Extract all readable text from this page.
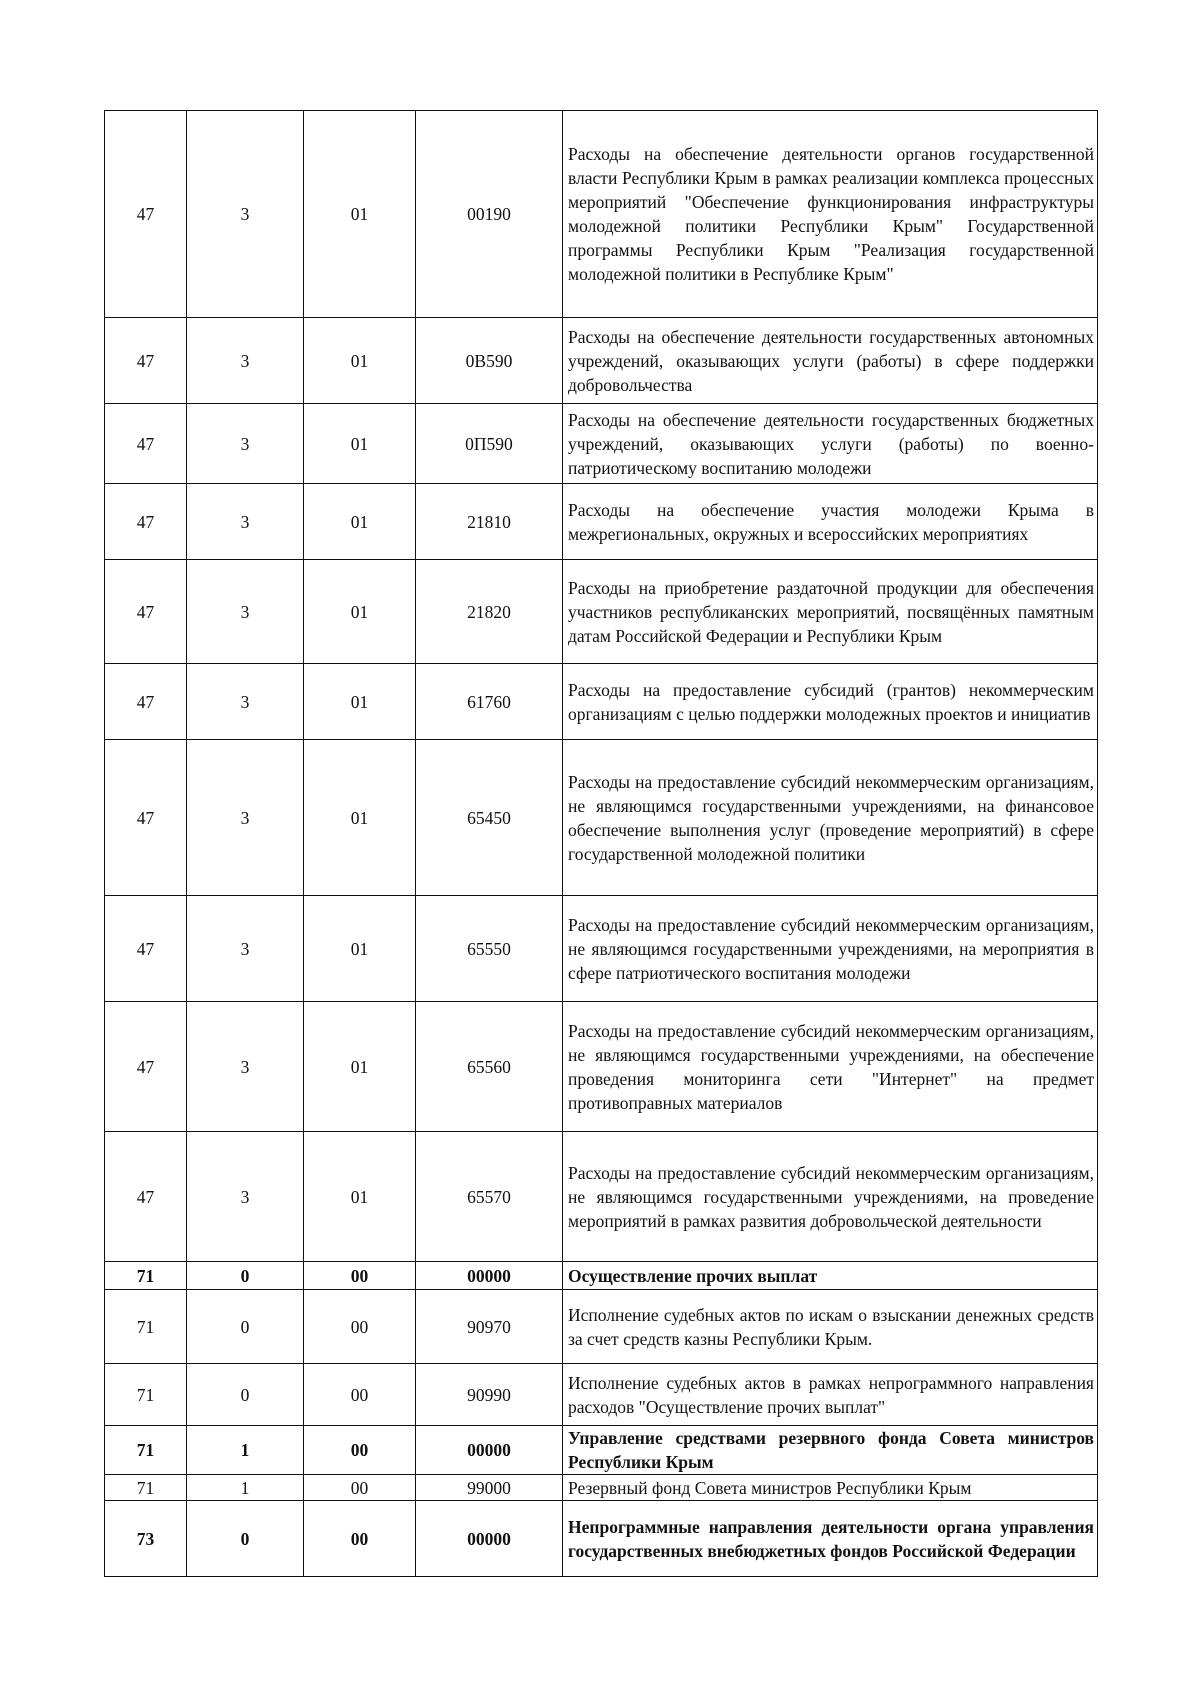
47	3	01	00190	Расходы на обеспечение деятельности органов государственной власти Республики Крым в рамках реализации комплекса процессных мероприятий "Обеспечение функционирования инфраструктуры молодежной политики Республики Крым" Государственной программы Республики Крым "Реализация государственной молодежной политики в Республике Крым"
47	3	01	0В590	Расходы на обеспечение деятельности государственных автономных учреждений, оказывающих услуги (работы) в сфере поддержки добровольчества
47	3	01	0П590	Расходы на обеспечение деятельности государственных бюджетных учреждений, оказывающих услуги (работы) по военно-патриотическому воспитанию молодежи
47	3	01	21810	Расходы на обеспечение участия молодежи Крыма в межрегиональных, окружных и всероссийских мероприятиях
47	3	01	21820	Расходы на приобретение раздаточной продукции для обеспечения участников республиканских мероприятий, посвящённых памятным датам Российской Федерации и Республики Крым
47	3	01	61760	Расходы на предоставление субсидий (грантов) некоммерческим организациям с целью поддержки молодежных проектов и инициатив
47	3	01	65450	Расходы на предоставление субсидий некоммерческим организациям, не являющимся государственными учреждениями, на финансовое обеспечение выполнения услуг (проведение мероприятий) в сфере государственной молодежной политики
47	3	01	65550	Расходы на предоставление субсидий некоммерческим организациям, не являющимся государственными учреждениями, на мероприятия в сфере патриотического воспитания молодежи
47	3	01	65560	Расходы на предоставление субсидий некоммерческим организациям, не являющимся государственными учреждениями, на обеспечение проведения мониторинга сети "Интернет" на предмет противоправных материалов
47	3	01	65570	Расходы на предоставление субсидий некоммерческим организациям, не являющимся государственными учреждениями, на проведение мероприятий в рамках развития добровольческой деятельности
71	0	00	00000	Осуществление прочих выплат
71	0	00	90970	Исполнение судебных актов по искам о взыскании денежных средств за счет средств казны Республики Крым.
71	0	00	90990	Исполнение судебных актов в рамках непрограммного направления расходов "Осуществление прочих выплат"
71	1	00	00000	Управление средствами резервного фонда Совета министров Республики Крым
71	1	00	99000	Резервный фонд Совета министров Республики Крым
73	0	00	00000	Непрограммные направления деятельности органа управления государственных внебюджетных фондов Российской Федерации
